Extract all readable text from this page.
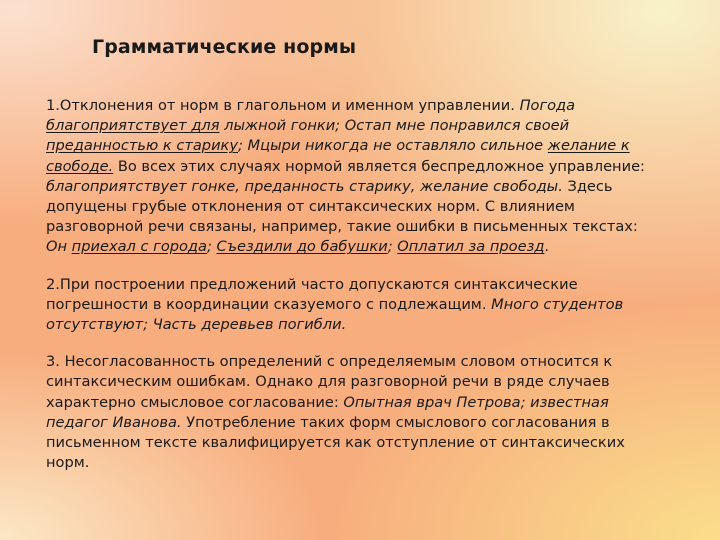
Грамматические нормы

1.Отклонения от норм в глагольном и именном управлении. Погода благоприятствует для лыжной гонки; Остап мне понравился своей преданностью к старику; Мцыри никогда не оставляло сильное желание к свободе. Во всех этих случаях нормой является беспредложное управление: благоприятствует гонке, преданность старику, желание свободы. Здесь допущены грубые отклонения от синтаксических норм. С влиянием разговорной речи связаны, например, такие ошибки в письменных текстах: Он приехал с города; Съездили до бабушки; Оплатил за проезд.

2.При построении предложений часто допускаются синтаксические погрешности в координации сказуемого с подлежащим. Много студентов отсутствуют; Часть деревьев погибли.

3. Несогласованность определений с определяемым словом относится к синтаксическим ошибкам. Однако для разговорной речи в ряде случаев характерно смысловое согласование: Опытная врач Петрова; известная педагог Иванова. Употребление таких форм смыслового согласования в письменном тексте квалифицируется как отступление от синтаксических норм.
